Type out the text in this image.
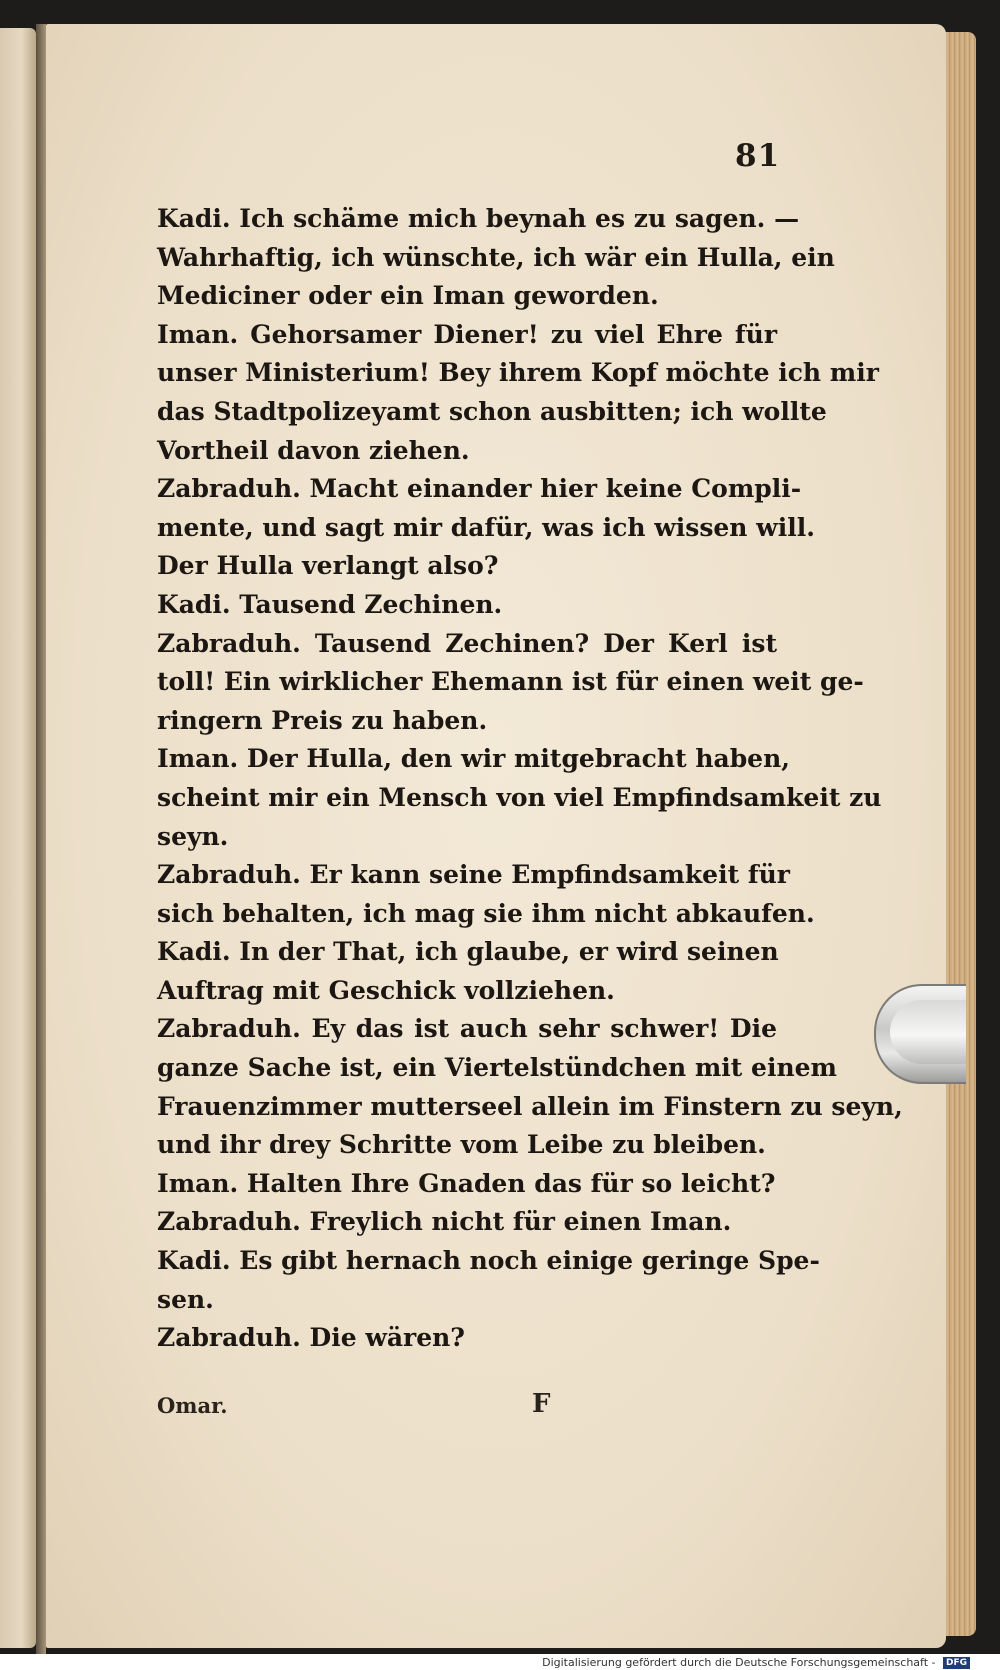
81
Kadi. Ich schäme mich beynah es zu sagen. —
Wahrhaftig, ich wünschte, ich wär ein Hulla, ein
Mediciner oder ein Iman geworden.
Iman. Gehorsamer Diener! zu viel Ehre für
unser Ministerium! Bey ihrem Kopf möchte ich mir
das Stadtpolizeyamt schon ausbitten; ich wollte
Vortheil davon ziehen.
Zabraduh. Macht einander hier keine Compli-
mente, und sagt mir dafür, was ich wissen will.
Der Hulla verlangt also?
Kadi. Tausend Zechinen.
Zabraduh. Tausend Zechinen? Der Kerl ist
toll! Ein wirklicher Ehemann ist für einen weit ge-
ringern Preis zu haben.
Iman. Der Hulla, den wir mitgebracht haben,
scheint mir ein Mensch von viel Empfindsamkeit zu
seyn.
Zabraduh. Er kann seine Empfindsamkeit für
sich behalten, ich mag sie ihm nicht abkaufen.
Kadi. In der That, ich glaube, er wird seinen
Auftrag mit Geschick vollziehen.
Zabraduh. Ey das ist auch sehr schwer! Die
ganze Sache ist, ein Viertelstündchen mit einem
Frauenzimmer mutterseel allein im Finstern zu seyn,
und ihr drey Schritte vom Leibe zu bleiben.
Iman. Halten Ihre Gnaden das für so leicht?
Zabraduh. Freylich nicht für einen Iman.
Kadi. Es gibt hernach noch einige geringe Spe-
sen.
Zabraduh. Die wären?
Omar.	F
Digitalisierung gefördert durch die Deutsche Forschungsgemeinschaft - DFG
